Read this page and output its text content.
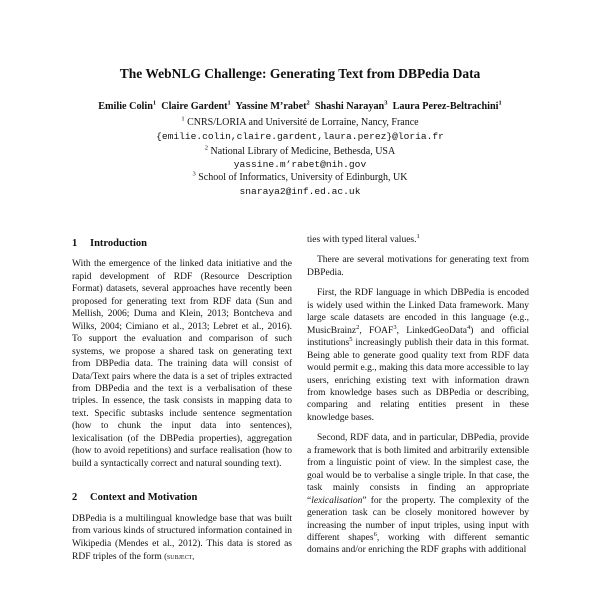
The WebNLG Challenge: Generating Text from DBPedia Data
Emilie Colin$^1$ Claire Gardent$^1$ Yassine M’rabet$^2$ Shashi Narayan$^3$ Laura Perez-Beltrachini$^1$
$^1$ CNRS/LORIA and Université de Lorraine, Nancy, France
{emilie.colin,claire.gardent,laura.perez}@loria.fr
$^2$ National Library of Medicine, Bethesda, USA
yassine.m’rabet@nih.gov
$^3$ School of Informatics, University of Edinburgh, UK
snaraya2@inf.ed.ac.uk
1 Introduction

With the emergence of the linked data initiative and the rapid development of RDF (Resource Description Format) datasets, several approaches have recently been proposed for generating text from RDF data (Sun and Mellish, 2006; Duma and Klein, 2013; Bontcheva and Wilks, 2004; Cimiano et al., 2013; Lebret et al., 2016). To support the evaluation and comparison of such systems, we propose a shared task on generating text from DBPedia data. The training data will consist of Data/Text pairs where the data is a set of triples extracted from DBPedia and the text is a verbalisation of these triples. In essence, the task consists in mapping data to text. Specific subtasks include sentence segmentation (how to chunk the input data into sentences), lexicalisation (of the DBPedia properties), aggregation (how to avoid repetitions) and surface realisation (how to build a syntactically correct and natural sounding text).

2 Context and Motivation

DBPedia is a multilingual knowledge base that was built from various kinds of structured information contained in Wikipedia (Mendes et al., 2012). This data is stored as RDF triples of the form (subject,

ties with typed literal values.$^1$

There are several motivations for generating text from DBPedia.

First, the RDF language in which DBPedia is encoded is widely used within the Linked Data framework. Many large scale datasets are encoded in this language (e.g., MusicBrainz$^2$, FOAF$^3$, LinkedGeoData$^4$) and official institutions$^5$ increasingly publish their data in this format. Being able to generate good quality text from RDF data would permit e.g., making this data more accessible to lay users, enriching existing text with information drawn from knowledge bases such as DBPedia or describing, comparing and relating entities present in these knowledge bases.

Second, RDF data, and in particular, DBPedia, provide a framework that is both limited and arbitrarily extensible from a linguistic point of view. In the simplest case, the goal would be to verbalise a single triple. In that case, the task mainly consists in finding an appropriate “lexicalisation” for the property. The complexity of the generation task can be closely monitored however by increasing the number of input triples, using input with different shapes$^6$, working with different semantic domains and/or enriching the RDF graphs with additional
